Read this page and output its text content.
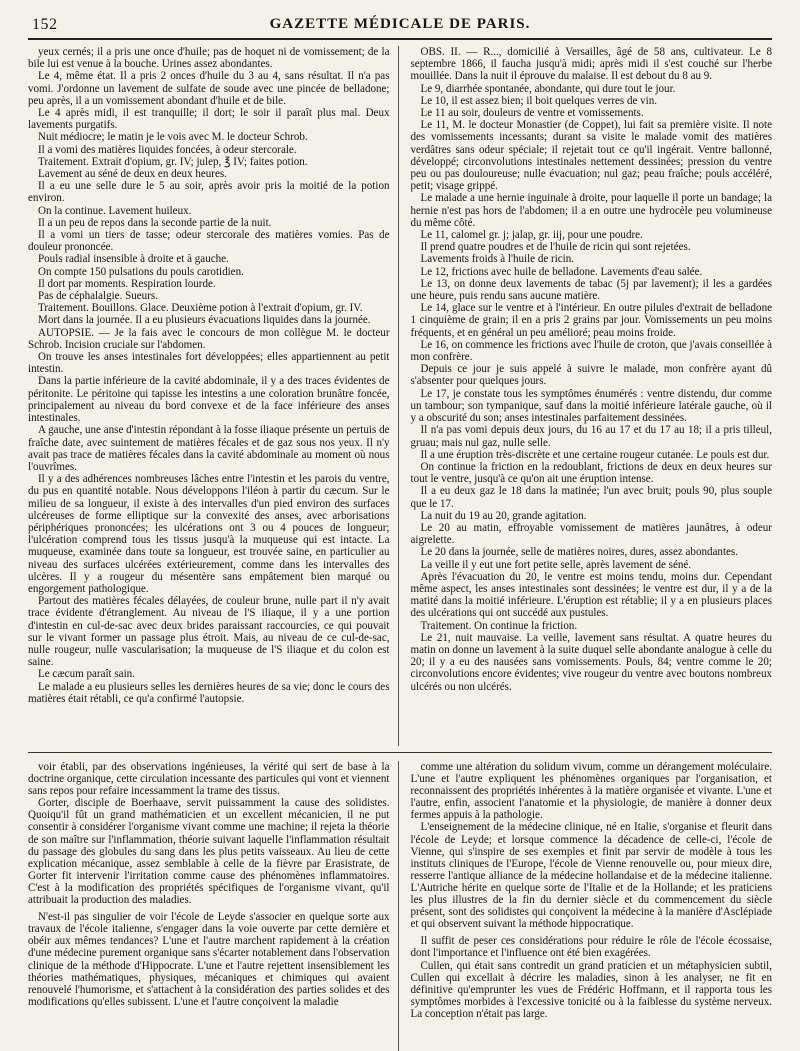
152	GAZETTE MÉDICALE DE PARIS.

yeux cernés; il a pris une once d'huile; pas de hoquet ni de vomissement; de la bile lui est venue à la bouche. Urines assez abondantes.

Le 4, même état. Il a pris 2 onces d'huile du 3 au 4, sans résultat. Il n'a pas vomi. J'ordonne un lavement de sulfate de soude avec une pincée de belladone; peu après, il a un vomissement abondant d'huile et de bile.

Le 4 après midi, il est tranquille; il dort; le soir il paraît plus mal. Deux lavements purgatifs.

Nuit médiocre; le matin je le vois avec M. le docteur Schrob.

Il a vomi des matières liquides foncées, à odeur stercorale.

Traitement. Extrait d'opium, gr. IV; julep, ℥ IV; faites potion.

Lavement au séné de deux en deux heures.

Il a eu une selle dure le 5 au soir, après avoir pris la moitié de la potion environ.

On la continue. Lavement huileux.

Il a un peu de repos dans la seconde partie de la nuit.

Il a vomi un tiers de tasse; odeur stercorale des matières vomies. Pas de douleur prononcée.

Pouls radial insensible à droite et à gauche.

On compte 150 pulsations du pouls carotidien.

Il dort par moments. Respiration lourde.

Pas de céphalalgie. Sueurs.

Traitement. Bouillons. Glace. Deuxième potion à l'extrait d'opium, gr. IV.

Mort dans la journée. Il a eu plusieurs évacuations liquides dans la journée.

AUTOPSIE. — Je la fais avec le concours de mon collègue M. le docteur Schrob. Incision cruciale sur l'abdomen.

On trouve les anses intestinales fort développées; elles appartiennent au petit intestin.

Dans la partie inférieure de la cavité abdominale, il y a des traces évidentes de péritonite. Le péritoine qui tapisse les intestins a une coloration brunâtre foncée, principalement au niveau du bord convexe et de la face inférieure des anses intestinales.

A gauche, une anse d'intestin répondant à la fosse iliaque présente un pertuis de fraîche date, avec suintement de matières fécales et de gaz sous nos yeux. Il n'y avait pas trace de matières fécales dans la cavité abdominale au moment où nous l'ouvrîmes.

Il y a des adhérences nombreuses lâches entre l'intestin et les parois du ventre, du pus en quantité notable. Nous développons l'iléon à partir du cæcum. Sur le milieu de sa longueur, il existe à des intervalles d'un pied environ des surfaces ulcéreuses de forme elliptique sur la convexité des anses, avec arborisations périphériques prononcées; les ulcérations ont 3 ou 4 pouces de longueur; l'ulcération comprend tous les tissus jusqu'à la muqueuse qui est intacte. La muqueuse, examinée dans toute sa longueur, est trouvée saine, en particulier au niveau des surfaces ulcérées extérieurement, comme dans les intervalles des ulcères. Il y a rougeur du mésentère sans empâtement bien marqué ou engorgement pathologique.

Partout des matières fécales délayées, de couleur brune, nulle part il n'y avait trace évidente d'étranglement. Au niveau de l'S iliaque, il y a une portion d'intestin en cul-de-sac avec deux brides paraissant raccourcies, ce qui pouvait sur le vivant former un passage plus étroit. Mais, au niveau de ce cul-de-sac, nulle rougeur, nulle vascularisation; la muqueuse de l'S iliaque et du colon est saine.

Le cæcum paraît sain.

Le malade a eu plusieurs selles les dernières heures de sa vie; donc le cours des matières était rétabli, ce qu'a confirmé l'autopsie.

OBS. II. — R..., domicilié à Versailles, âgé de 58 ans, cultivateur. Le 8 septembre 1866, il faucha jusqu'à midi; après midi il s'est couché sur l'herbe mouillée. Dans la nuit il éprouve du malaise. Il est debout du 8 au 9.

Le 9, diarrhée spontanée, abondante, qui dure tout le jour.

Le 10, il est assez bien; il boit quelques verres de vin.

Le 11 au soir, douleurs de ventre et vomissements.

Le 11, M. le docteur Monastier (de Coppet), lui fait sa première visite. Il note des vomissements incessants; durant sa visite le malade vomit des matières verdâtres sans odeur spéciale; il rejetait tout ce qu'il ingérait. Ventre ballonné, développé; circonvolutions intestinales nettement dessinées; pression du ventre peu ou pas douloureuse; nulle évacuation; nul gaz; peau fraîche; pouls accéléré, petit; visage grippé.

Le malade a une hernie inguinale à droite, pour laquelle il porte un bandage; la hernie n'est pas hors de l'abdomen; il a en outre une hydrocèle peu volumineuse du même côté.

Le 11, calomel gr. j; jalap, gr. iij, pour une poudre.

Il prend quatre poudres et de l'huile de ricin qui sont rejetées.

Lavements froids à l'huile de ricin.

Le 12, frictions avec huile de belladone. Lavements d'eau salée.

Le 13, on donne deux lavements de tabac (5j par lavement); il les a gardées une heure, puis rendu sans aucune matière.

Le 14, glace sur le ventre et à l'intérieur. En outre pilules d'extrait de belladone 1 cinquième de grain; il en a pris 2 grains par jour. Vomissements un peu moins fréquents, et en général un peu amélioré; peau moins froide.

Le 16, on commence les frictions avec l'huile de croton, que j'avais conseillée à mon confrère.

Depuis ce jour je suis appelé à suivre le malade, mon confrère ayant dû s'absenter pour quelques jours.

Le 17, je constate tous les symptômes énumérés : ventre distendu, dur comme un tambour; son tympanique, sauf dans la moitié inférieure latérale gauche, où il y a obscurité du son; anses intestinales parfaitement dessinées.

Il n'a pas vomi depuis deux jours, du 16 au 17 et du 17 au 18; il a pris tilleul, gruau; mais nul gaz, nulle selle.

Il a une éruption très-discrète et une certaine rougeur cutanée. Le pouls est dur.

On continue la friction en la redoublant, frictions de deux en deux heures sur tout le ventre, jusqu'à ce qu'on ait une éruption intense.

Il a eu deux gaz le 18 dans la matinée; l'un avec bruit; pouls 90, plus souple que le 17.

La nuit du 19 au 20, grande agitation.

Le 20 au matin, effroyable vomissement de matières jaunâtres, à odeur aigrelette.

Le 20 dans la journée, selle de matières noires, dures, assez abondantes.

La veille il y eut une fort petite selle, après lavement de séné.

Après l'évacuation du 20, le ventre est moins tendu, moins dur. Cependant même aspect, les anses intestinales sont dessinées; le ventre est dur, il y a de la matité dans la moitié inférieure. L'éruption est rétablie; il y a en plusieurs places des ulcérations qui ont succédé aux pustules.

Traitement. On continue la friction.

Le 21, nuit mauvaise. La veille, lavement sans résultat. A quatre heures du matin on donne un lavement à la suite duquel selle abondante analogue à celle du 20; il y a eu des nausées sans vomissements. Pouls, 84; ventre comme le 20; circonvolutions encore évidentes; vive rougeur du ventre avec boutons nombreux ulcérés ou non ulcérés.

voir établi, par des observations ingénieuses, la vérité qui sert de base à la doctrine organique, cette circulation incessante des particules qui vont et viennent sans repos pour refaire incessamment la trame des tissus.

Gorter, disciple de Boerhaave, servit puissamment la cause des solidistes. Quoiqu'il fût un grand mathématicien et un excellent mécanicien, il ne put consentir à considérer l'organisme vivant comme une machine; il rejeta la théorie de son maître sur l'inflammation, théorie suivant laquelle l'inflammation résultait du passage des globules du sang dans les plus petits vaisseaux. Au lieu de cette explication mécanique, assez semblable à celle de la fièvre par Erasistrate, de Gorter fit intervenir l'irritation comme cause des phénomènes inflammatoires. C'est à la modification des propriétés spécifiques de l'organisme vivant, qu'il attribuait la production des maladies.

N'est-il pas singulier de voir l'école de Leyde s'associer en quelque sorte aux travaux de l'école italienne, s'engager dans la voie ouverte par cette dernière et obéir aux mêmes tendances? L'une et l'autre marchent rapidement à la création d'une médecine purement organique sans s'écarter notablement dans l'observation clinique de la méthode d'Hippocrate. L'une et l'autre rejettent insensiblement les théories mathématiques, physiques, mécaniques et chimiques qui avaient renouvelé l'humorisme, et s'attachent à la considération des parties solides et des modifications qu'elles subissent. L'une et l'autre conçoivent la maladie

comme une altération du solidum vivum, comme un dérangement moléculaire. L'une et l'autre expliquent les phénomènes organiques par l'organisation, et reconnaissent des propriétés inhérentes à la matière organisée et vivante. L'une et l'autre, enfin, associent l'anatomie et la physiologie, de manière à donner deux fermes appuis à la pathologie.

L'enseignement de la médecine clinique, né en Italie, s'organise et fleurit dans l'école de Leyde; et lorsque commence la décadence de celle-ci, l'école de Vienne, qui s'inspire de ses exemples et finit par servir de modèle à tous les instituts cliniques de l'Europe, l'école de Vienne renouvelle ou, pour mieux dire, resserre l'antique alliance de la médecine hollandaise et de la médecine italienne. L'Autriche hérite en quelque sorte de l'Italie et de la Hollande; et les praticiens les plus illustres de la fin du dernier siècle et du commencement du siècle présent, sont des solidistes qui conçoivent la médecine à la manière d'Asclépiade et qui observent suivant la méthode hippocratique.

Il suffit de peser ces considérations pour réduire le rôle de l'école écossaise, dont l'importance et l'influence ont été bien exagérées.

Cullen, qui était sans contredit un grand praticien et un métaphysicien subtil, Cullen qui excellait à décrire les maladies, sinon à les analyser, ne fit en définitive qu'emprunter les vues de Frédéric Hoffmann, et il rapporta tous les symptômes morbides à l'excessive tonicité ou à la faiblesse du système nerveux. La conception n'était pas large.
